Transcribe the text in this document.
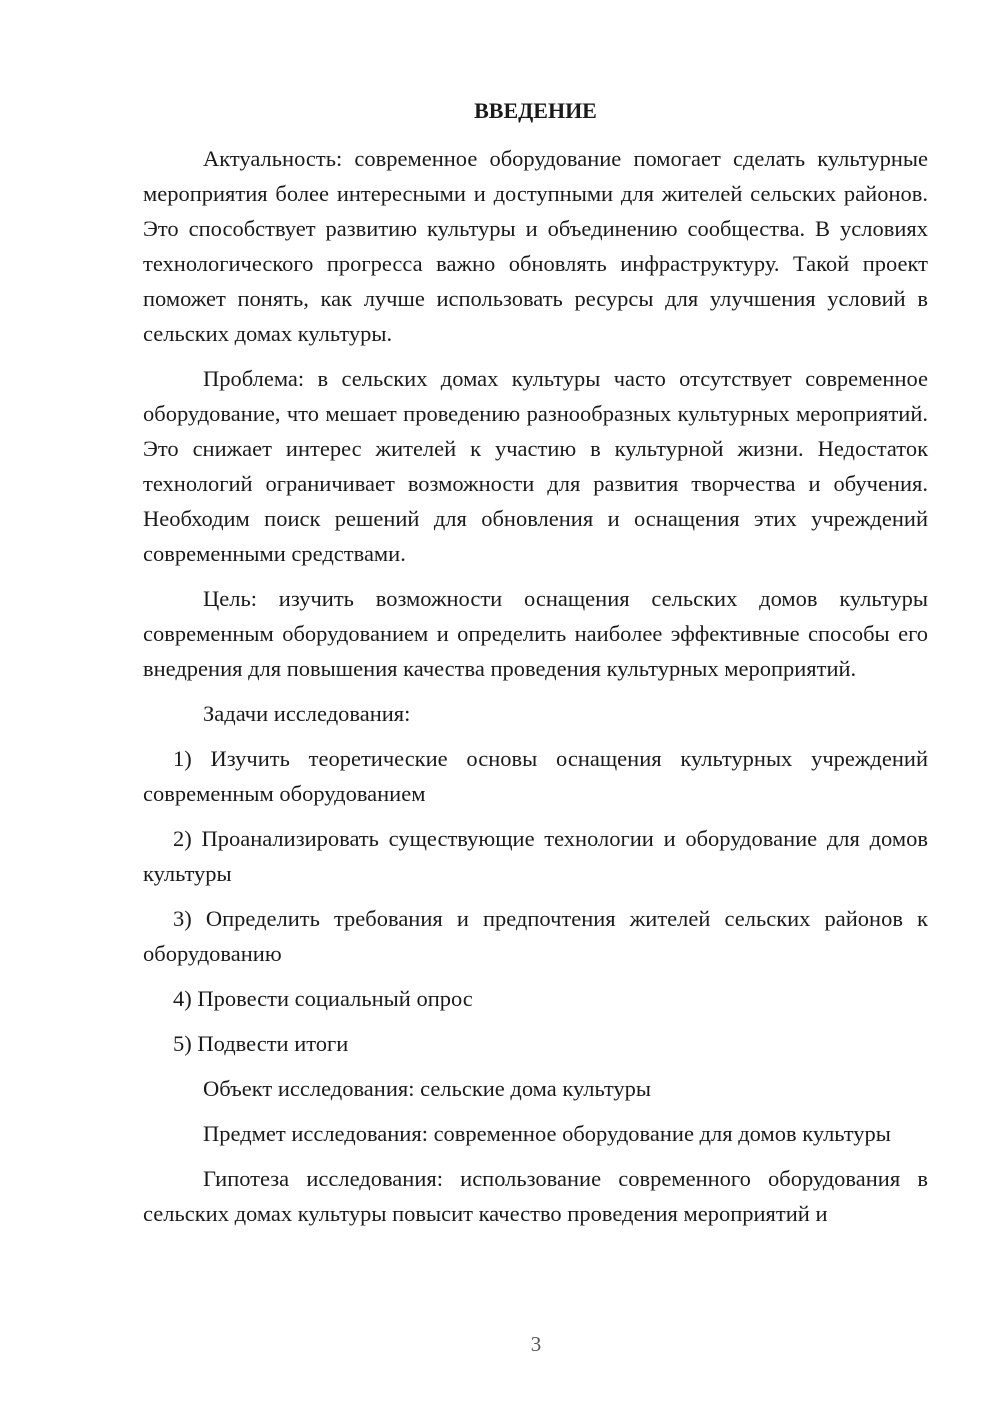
ВВЕДЕНИЕ

Актуальность: современное оборудование помогает сделать культурные мероприятия более интересными и доступными для жителей сельских районов. Это способствует развитию культуры и объединению сообщества. В условиях технологического прогресса важно обновлять инфраструктуру. Такой проект поможет понять, как лучше использовать ресурсы для улучшения условий в сельских домах культуры.

Проблема: в сельских домах культуры часто отсутствует современное оборудование, что мешает проведению разнообразных культурных мероприятий. Это снижает интерес жителей к участию в культурной жизни. Недостаток технологий ограничивает возможности для развития творчества и обучения. Необходим поиск решений для обновления и оснащения этих учреждений современными средствами.

Цель: изучить возможности оснащения сельских домов культуры современным оборудованием и определить наиболее эффективные способы его внедрения для повышения качества проведения культурных мероприятий.

Задачи исследования:

1) Изучить теоретические основы оснащения культурных учреждений современным оборудованием

2) Проанализировать существующие технологии и оборудование для домов культуры

3) Определить требования и предпочтения жителей сельских районов к оборудованию

4) Провести социальный опрос

5) Подвести итоги

Объект исследования: сельские дома культуры

Предмет исследования: современное оборудование для домов культуры

Гипотеза исследования: использование современного оборудования в сельских домах культуры повысит качество проведения мероприятий и

3
